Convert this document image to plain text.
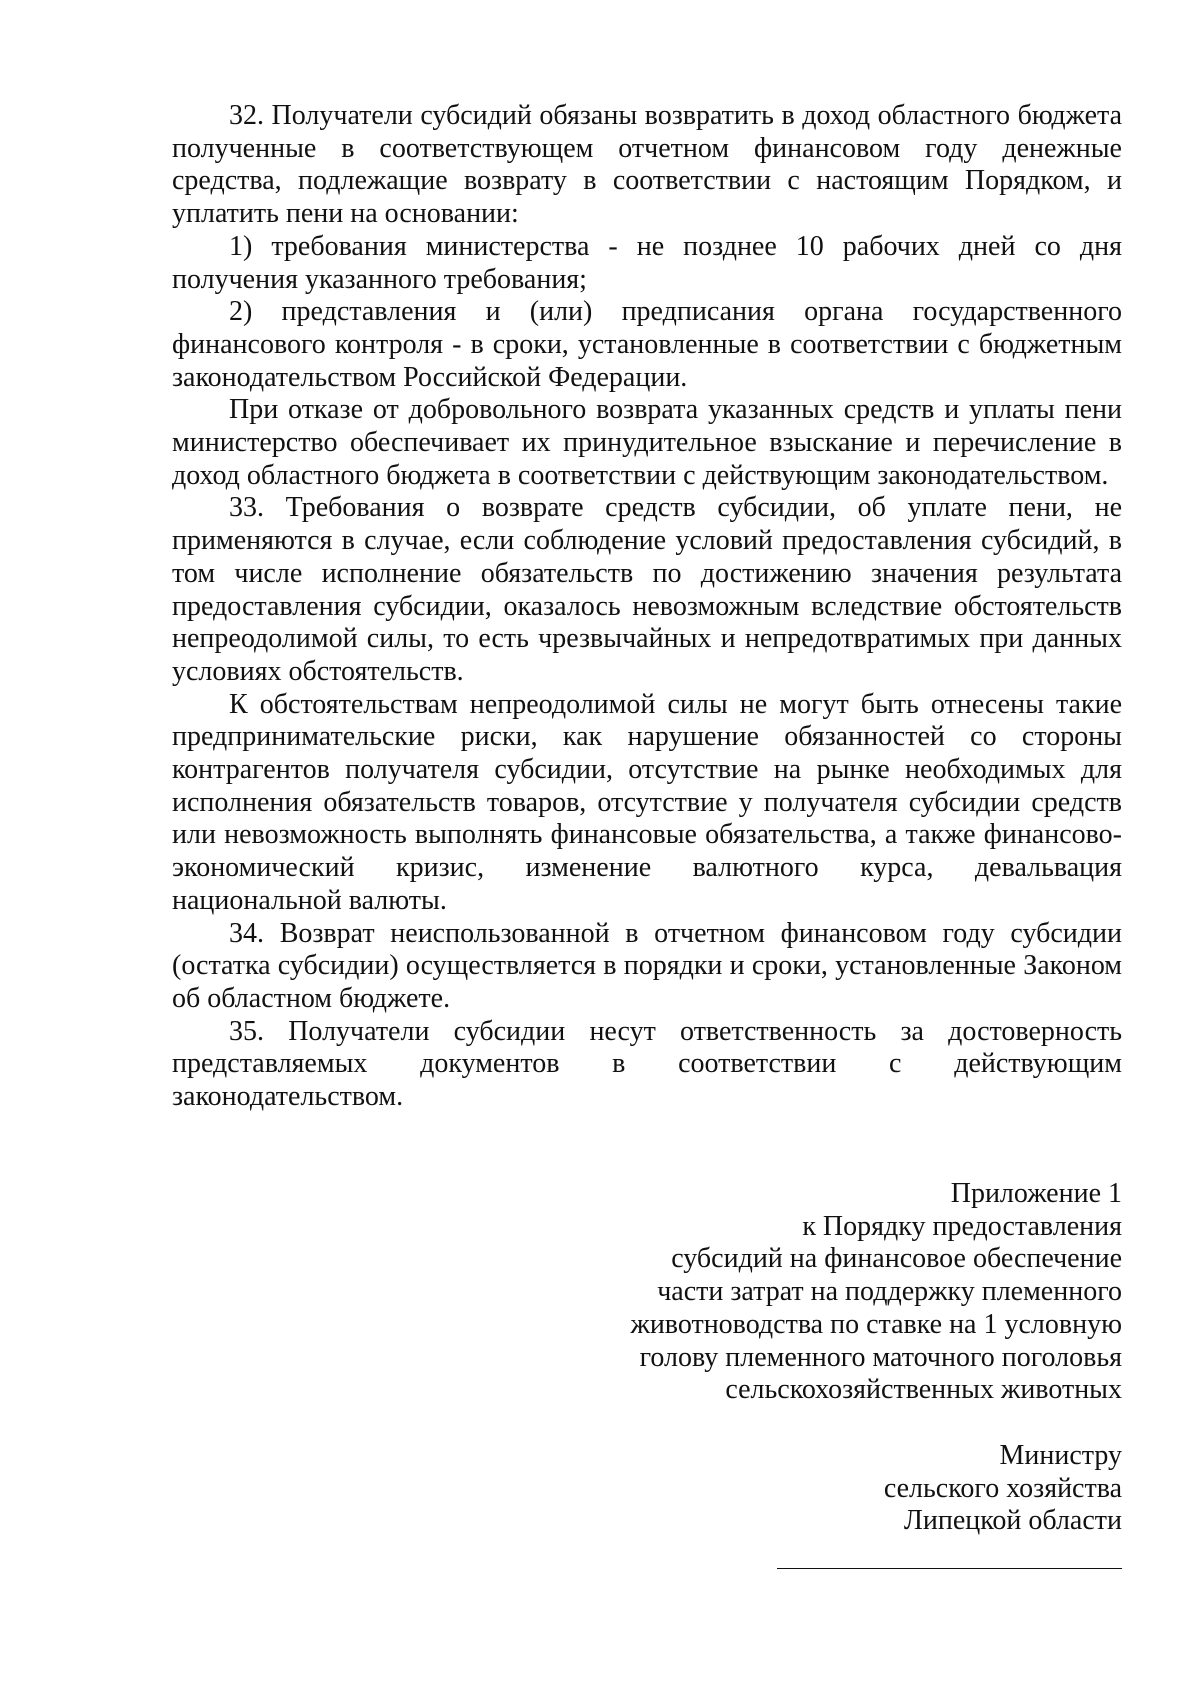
32. Получатели субсидий обязаны возвратить в доход областного бюджета полученные в соответствующем отчетном финансовом году денежные средства, подлежащие возврату в соответствии с настоящим Порядком, и уплатить пени на основании:

1) требования министерства - не позднее 10 рабочих дней со дня получения указанного требования;

2) представления и (или) предписания органа государственного финансового контроля - в сроки, установленные в соответствии с бюджетным законодательством Российской Федерации.

При отказе от добровольного возврата указанных средств и уплаты пени министерство обеспечивает их принудительное взыскание и перечисление в доход областного бюджета в соответствии с действующим законодательством.

33. Требования о возврате средств субсидии, об уплате пени, не применяются в случае, если соблюдение условий предоставления субсидий, в том числе исполнение обязательств по достижению значения результата предоставления субсидии, оказалось невозможным вследствие обстоятельств непреодолимой силы, то есть чрезвычайных и непредотвратимых при данных условиях обстоятельств.

К обстоятельствам непреодолимой силы не могут быть отнесены такие предпринимательские риски, как нарушение обязанностей со стороны контрагентов получателя субсидии, отсутствие на рынке необходимых для исполнения обязательств товаров, отсутствие у получателя субсидии средств или невозможность выполнять финансовые обязательства, а также финансово-экономический кризис, изменение валютного курса, девальвация национальной валюты.

34. Возврат неиспользованной в отчетном финансовом году субсидии (остатка субсидии) осуществляется в порядки и сроки, установленные Законом об областном бюджете.

35. Получатели субсидии несут ответственность за достоверность представляемых документов в соответствии с действующим законодательством.

Приложение 1
к Порядку предоставления
субсидий на финансовое обеспечение
части затрат на поддержку племенного
животноводства по ставке на 1 условную
голову племенного маточного поголовья
сельскохозяйственных животных
Министру
сельского хозяйства
Липецкой области
